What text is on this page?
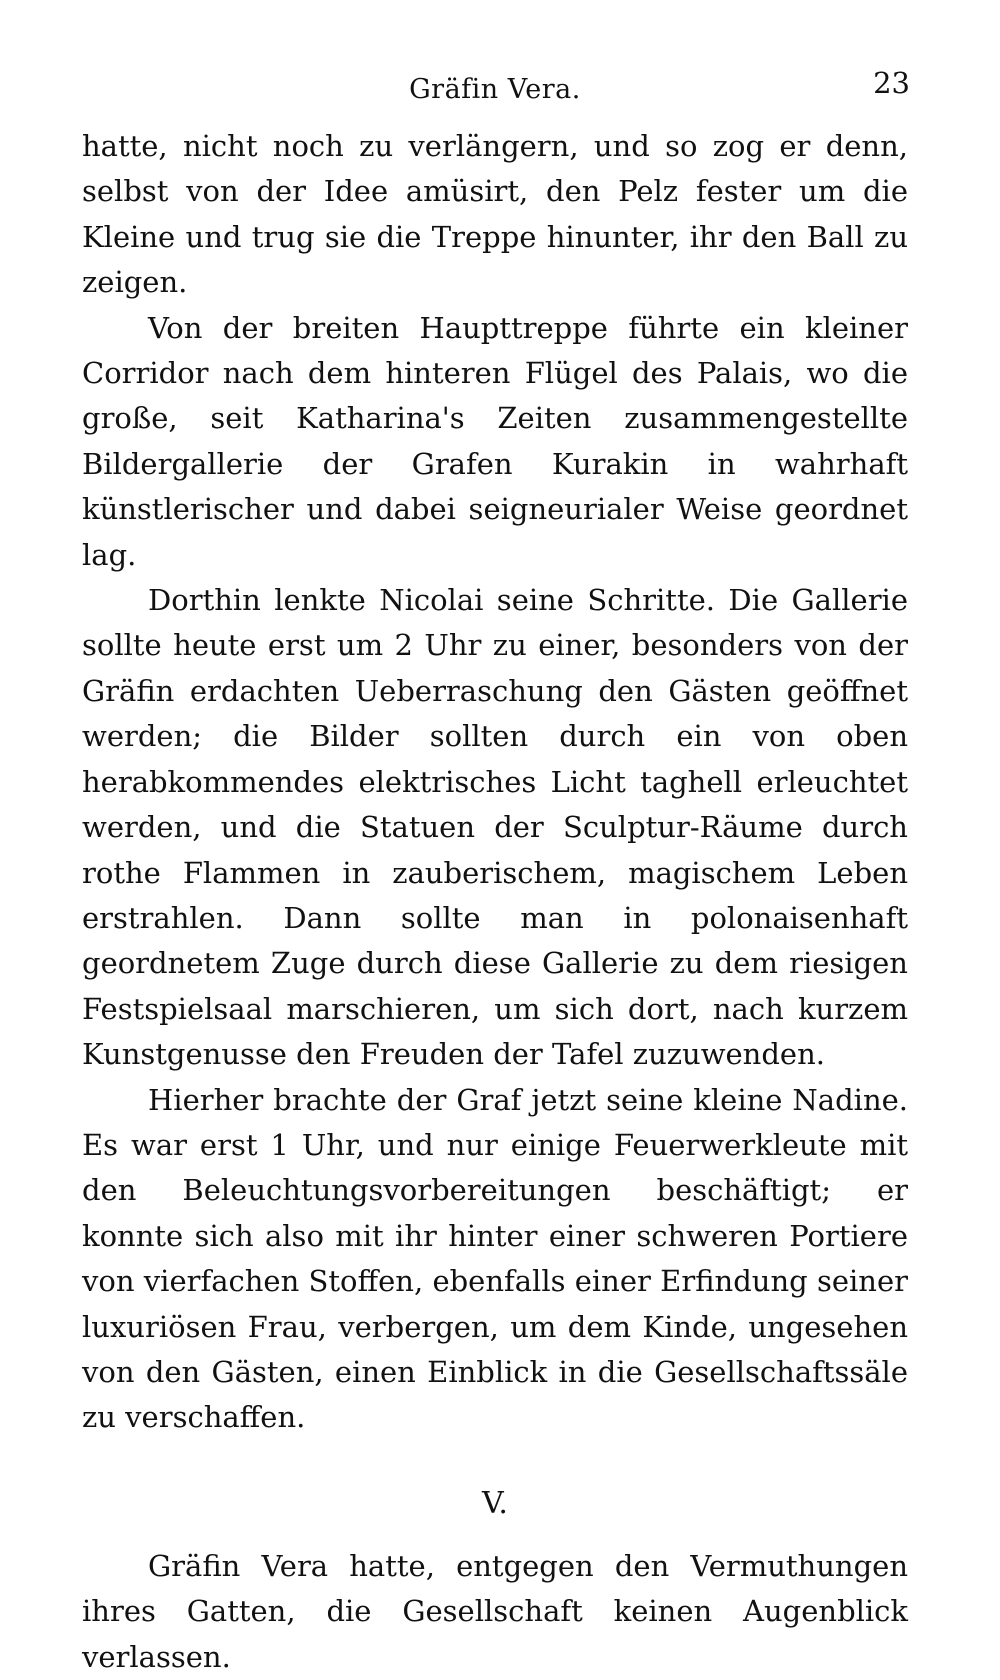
Gräfin Vera.	23

hatte, nicht noch zu verlängern, und so zog er denn, selbst von der Idee amüsirt, den Pelz fester um die Kleine und trug sie die Treppe hinunter, ihr den Ball zu zeigen.

Von der breiten Haupttreppe führte ein kleiner Corridor nach dem hinteren Flügel des Palais, wo die große, seit Katharina's Zeiten zusammengestellte Bildergallerie der Grafen Kurakin in wahrhaft künstlerischer und dabei seigneurialer Weise geordnet lag.

Dorthin lenkte Nicolai seine Schritte. Die Gallerie sollte heute erst um 2 Uhr zu einer, besonders von der Gräfin erdachten Ueberraschung den Gästen geöffnet werden; die Bilder sollten durch ein von oben herabkommendes elektrisches Licht taghell erleuchtet werden, und die Statuen der Sculptur-Räume durch rothe Flammen in zauberischem, magischem Leben erstrahlen. Dann sollte man in polonaisenhaft geordnetem Zuge durch diese Gallerie zu dem riesigen Festspielsaal marschieren, um sich dort, nach kurzem Kunstgenusse den Freuden der Tafel zuzuwenden.

Hierher brachte der Graf jetzt seine kleine Nadine. Es war erst 1 Uhr, und nur einige Feuerwerkleute mit den Beleuchtungsvorbereitungen beschäftigt; er konnte sich also mit ihr hinter einer schweren Portiere von vierfachen Stoffen, ebenfalls einer Erfindung seiner luxuriösen Frau, verbergen, um dem Kinde, ungesehen von den Gästen, einen Einblick in die Gesellschaftssäle zu verschaffen.

V.

Gräfin Vera hatte, entgegen den Vermuthungen ihres Gatten, die Gesellschaft keinen Augenblick verlassen.
